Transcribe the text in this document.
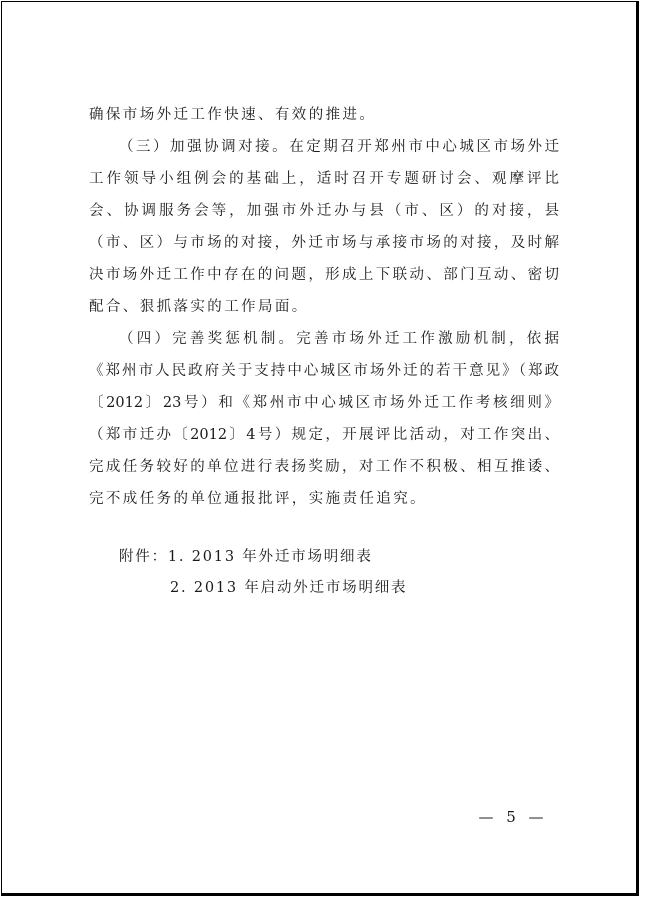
确保市场外迁工作快速、有效的推进。
（三）加强协调对接。在定期召开郑州市中心城区市场外迁
工作领导小组例会的基础上，适时召开专题研讨会、观摩评比
会、协调服务会等，加强市外迁办与县（市、区）的对接，县
（市、区）与市场的对接，外迁市场与承接市场的对接，及时解
决市场外迁工作中存在的问题，形成上下联动、部门互动、密切
配合、狠抓落实的工作局面。
（四）完善奖惩机制。完善市场外迁工作激励机制，依据
《郑州市人民政府关于支持中心城区市场外迁的若干意见》（郑政
〔2012〕23号）和《郑州市中心城区市场外迁工作考核细则》
（郑市迁办〔2012〕4号）规定，开展评比活动，对工作突出、
完成任务较好的单位进行表扬奖励，对工作不积极、相互推诿、
完不成任务的单位通报批评，实施责任追究。
附件：1. 2013 年外迁市场明细表
2. 2013 年启动外迁市场明细表
— 5 —
